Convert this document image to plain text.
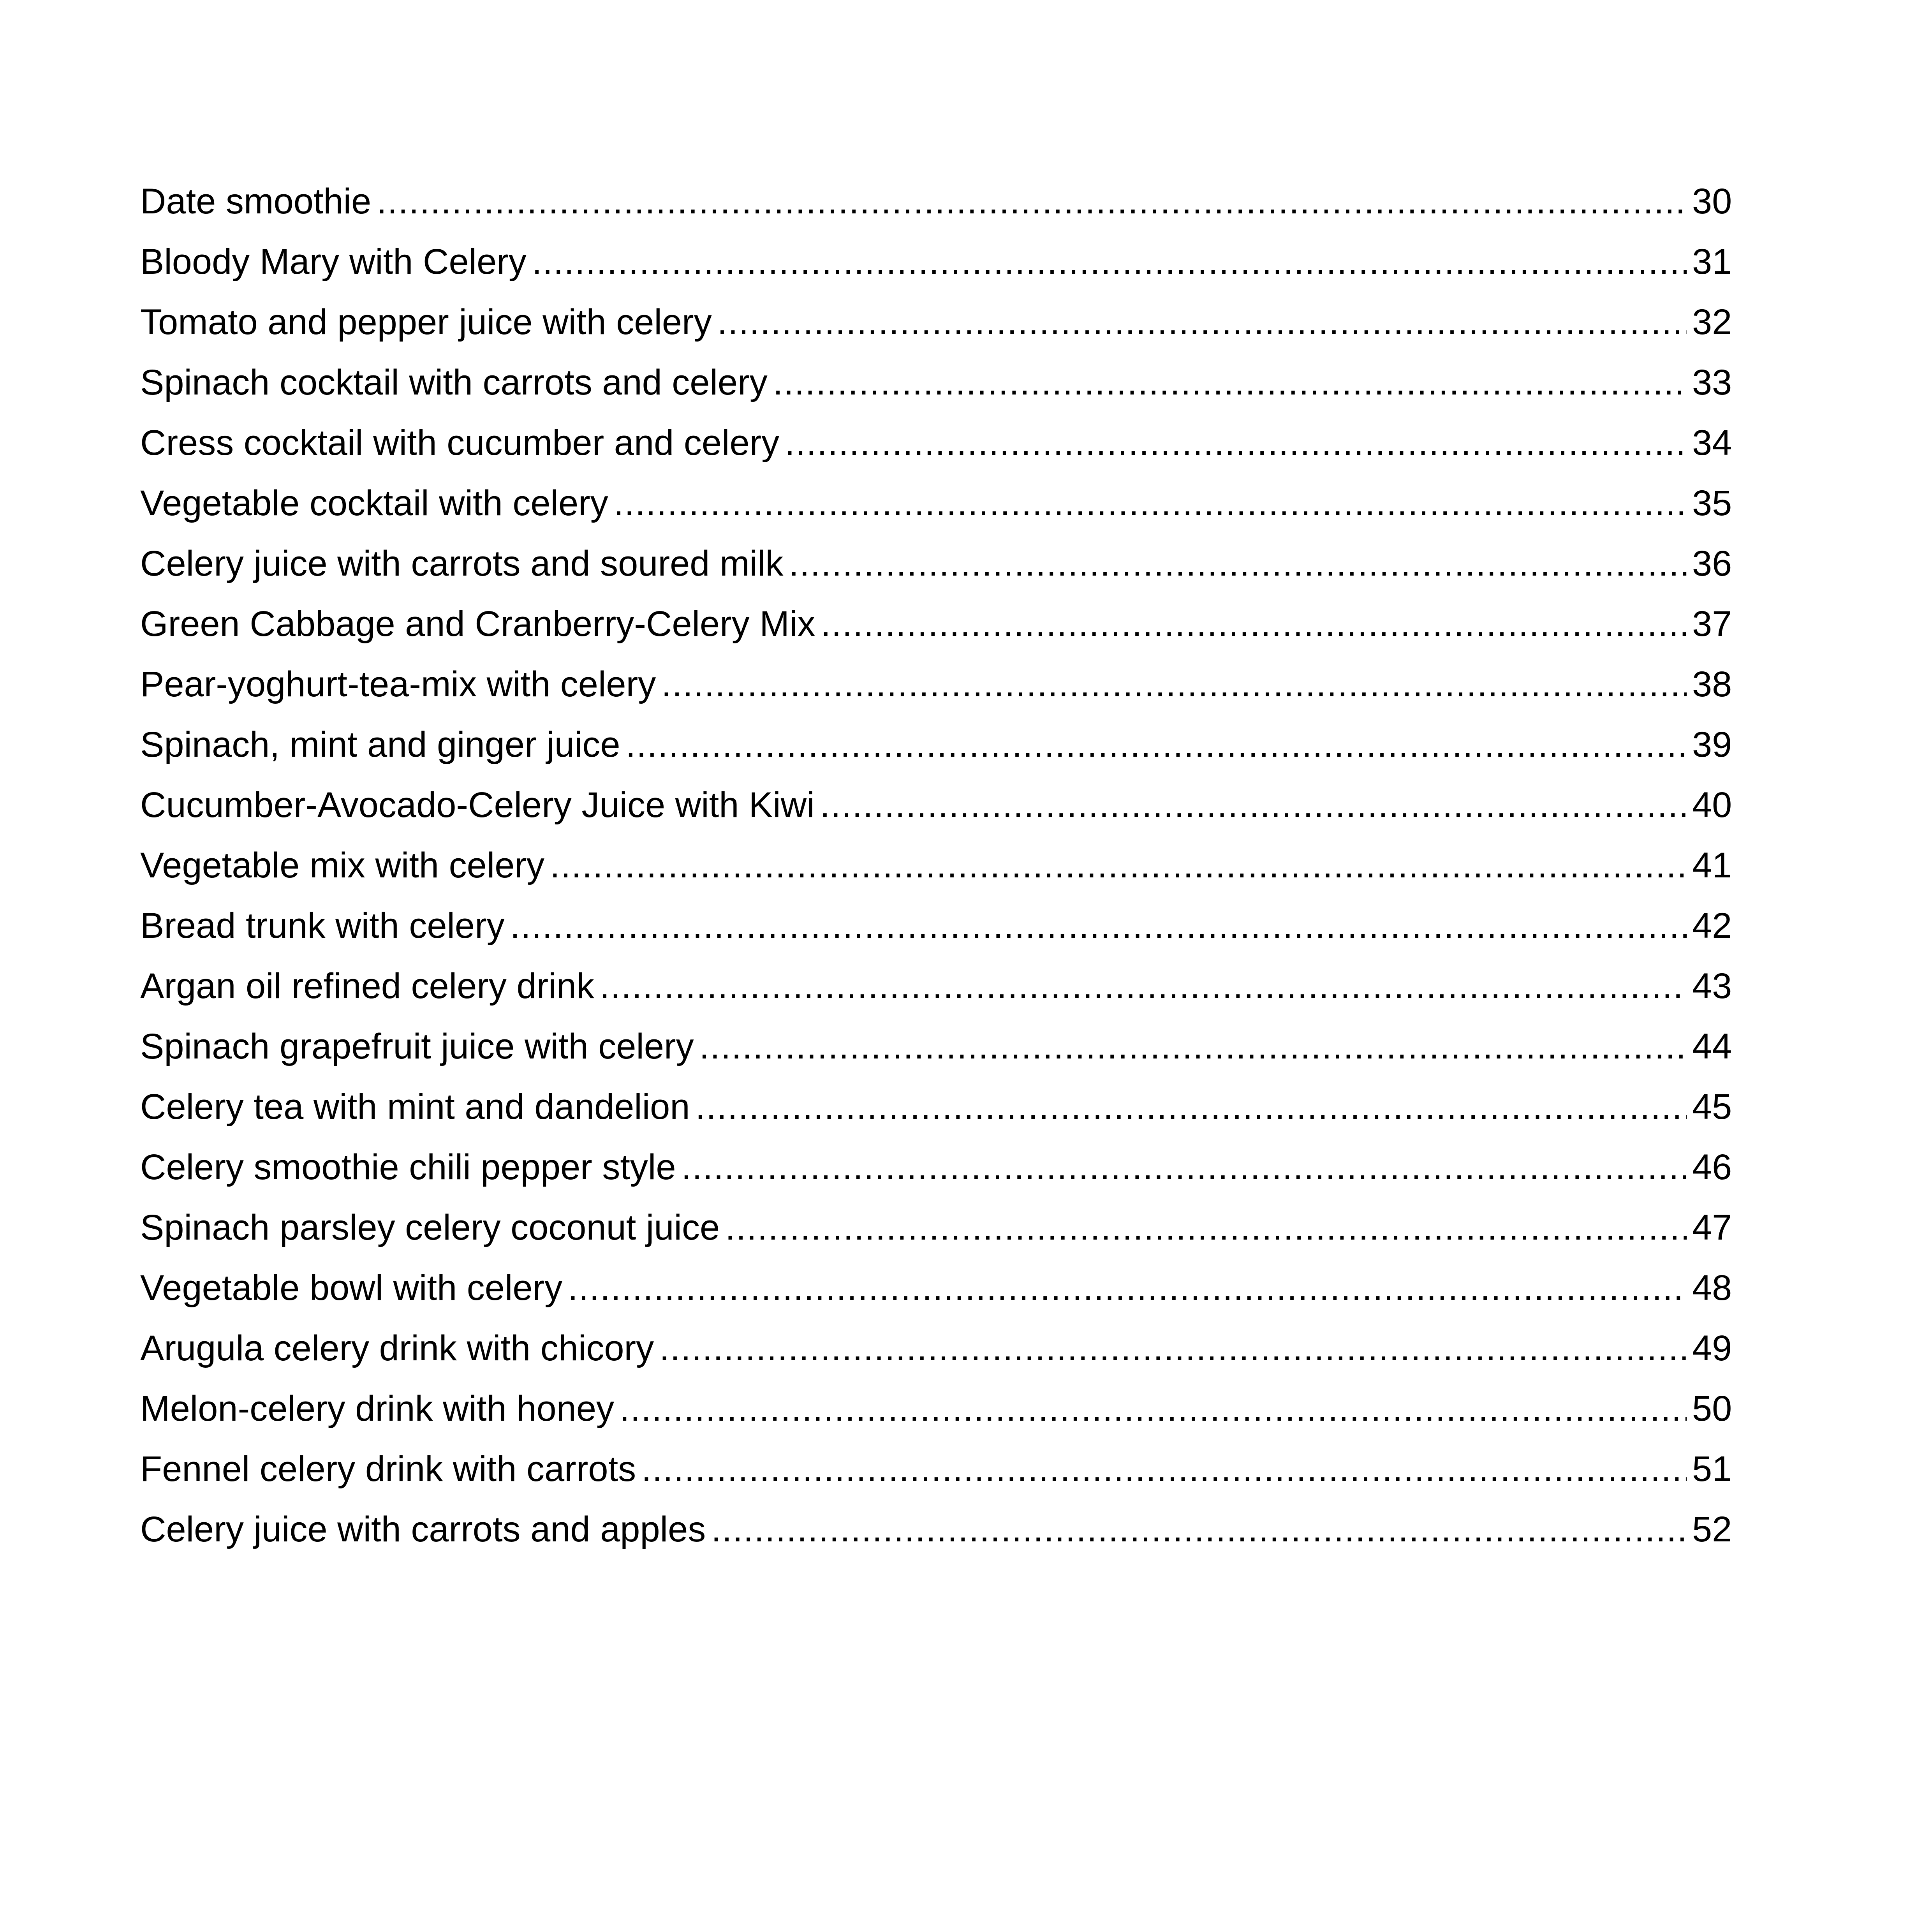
Date smoothie .....	30
Bloody Mary with Celery .....	31
Tomato and pepper juice with celery .....	32
Spinach cocktail with carrots and celery .....	33
Cress cocktail with cucumber and celery .....	34
Vegetable cocktail with celery .....	35
Celery juice with carrots and soured milk .....	36
Green Cabbage and Cranberry-Celery Mix .....	37
Pear-yoghurt-tea-mix with celery .....	38
Spinach, mint and ginger juice .....	39
Cucumber-Avocado-Celery Juice with Kiwi .....	40
Vegetable mix with celery .....	41
Bread trunk with celery .....	42
Argan oil refined celery drink .....	43
Spinach grapefruit juice with celery .....	44
Celery tea with mint and dandelion .....	45
Celery smoothie chili pepper style .....	46
Spinach parsley celery coconut juice .....	47
Vegetable bowl with celery .....	48
Arugula celery drink with chicory .....	49
Melon-celery drink with honey .....	50
Fennel celery drink with carrots .....	51
Celery juice with carrots and apples .....	52
